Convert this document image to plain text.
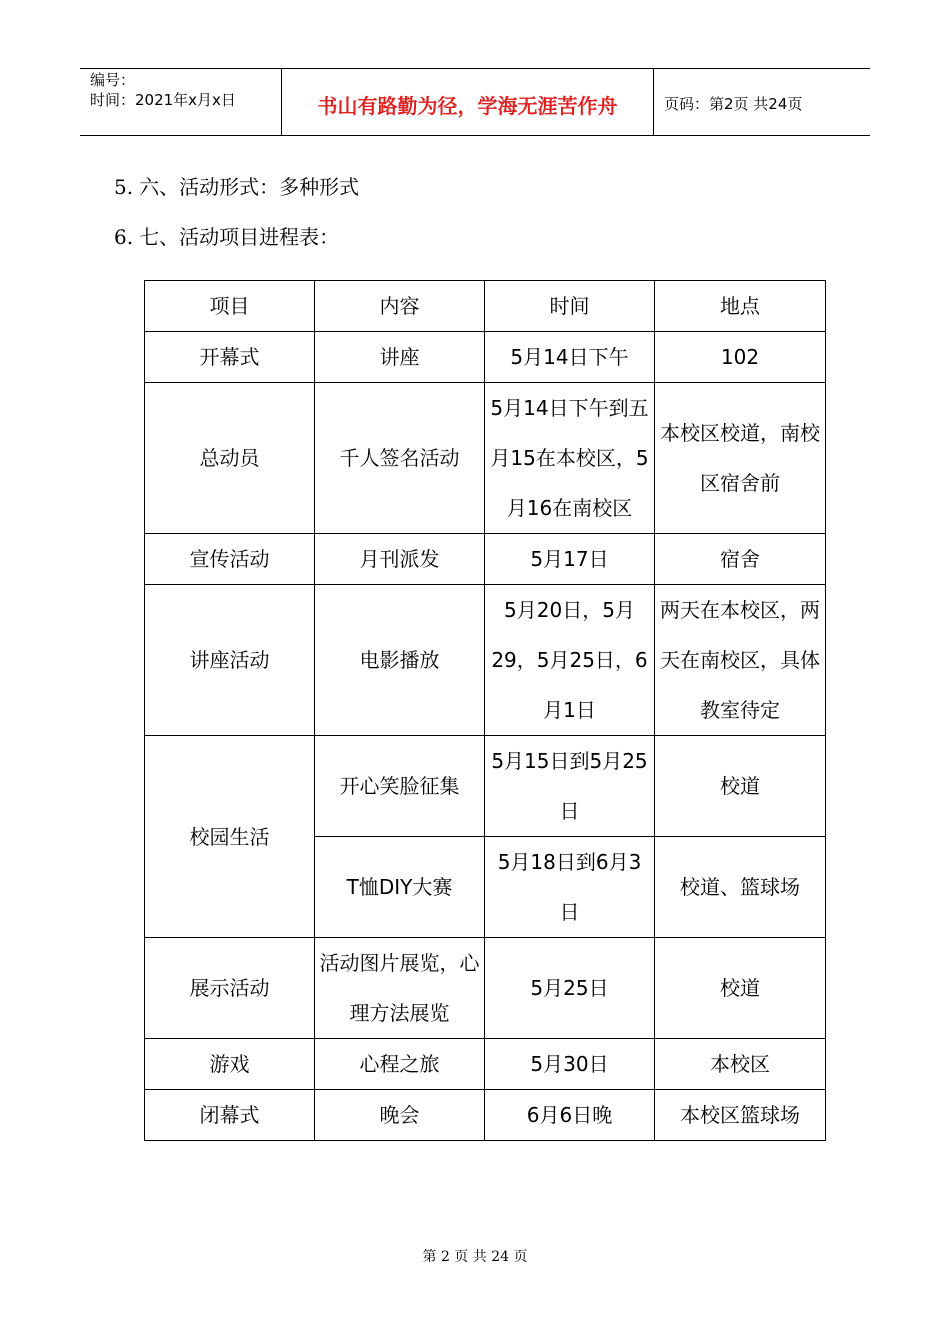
编号：
时间：2021年x月x日	书山有路勤为径，学海无涯苦作舟	页码：第2页 共24页
5. 六、活动形式：多种形式
6. 七、活动项目进程表：
项目	内容	时间	地点
开幕式	讲座	5月14日下午	102
总动员	千人签名活动	5月14日下午到五月15在本校区，5月16在南校区	本校区校道，南校区宿舍前
宣传活动	月刊派发	5月17日	宿舍
讲座活动	电影播放	5月20日，5月29，5月25日，6月1日	两天在本校区，两天在南校区，具体教室待定
校园生活	开心笑脸征集	5月15日到5月25日	校道
	T恤DIY大赛	5月18日到6月3日	校道、篮球场
展示活动	活动图片展览，心理方法展览	5月25日	校道
游戏	心程之旅	5月30日	本校区
闭幕式	晚会	6月6日晚	本校区篮球场
第 2 页 共 24 页
